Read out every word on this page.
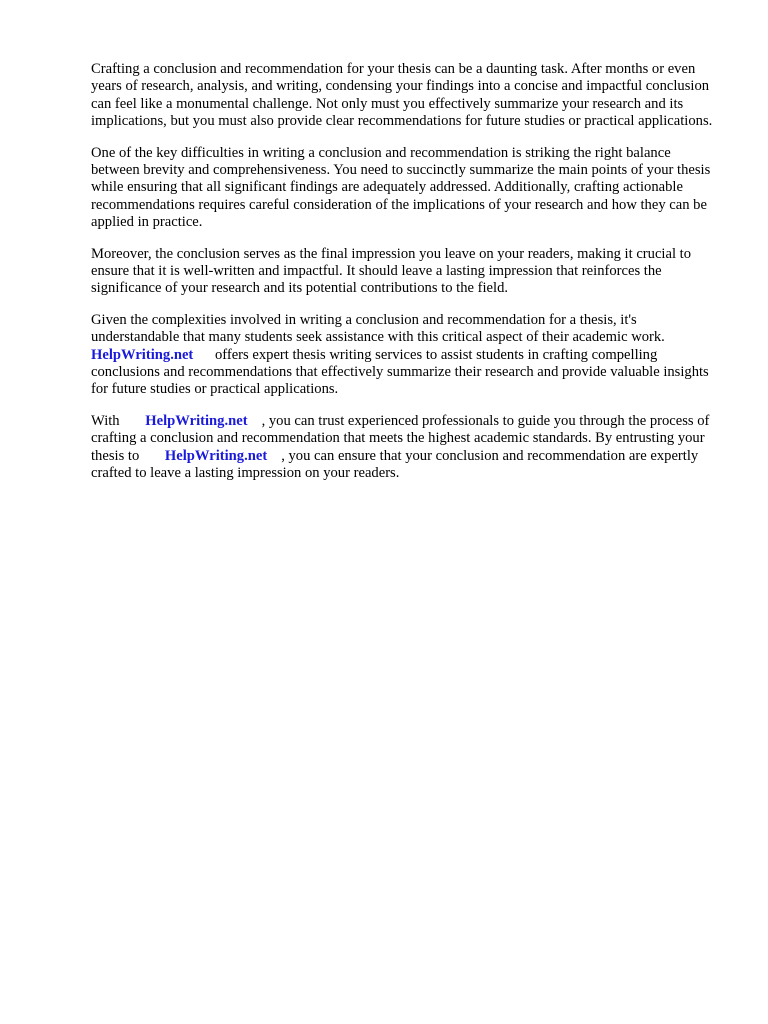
Crafting a conclusion and recommendation for your thesis can be a daunting task. After months or even years of research, analysis, and writing, condensing your findings into a concise and impactful conclusion can feel like a monumental challenge. Not only must you effectively summarize your research and its implications, but you must also provide clear recommendations for future studies or practical applications.

One of the key difficulties in writing a conclusion and recommendation is striking the right balance between brevity and comprehensiveness. You need to succinctly summarize the main points of your thesis while ensuring that all significant findings are adequately addressed. Additionally, crafting actionable recommendations requires careful consideration of the implications of your research and how they can be applied in practice.

Moreover, the conclusion serves as the final impression you leave on your readers, making it crucial to ensure that it is well-written and impactful. It should leave a lasting impression that reinforces the significance of your research and its potential contributions to the field.

Given the complexities involved in writing a conclusion and recommendation for a thesis, it's understandable that many students seek assistance with this critical aspect of their academic work.
HelpWriting.net offers expert thesis writing services to assist students in crafting compelling conclusions and recommendations that effectively summarize their research and provide valuable insights for future studies or practical applications.

With HelpWriting.net , you can trust experienced professionals to guide you through the process of crafting a conclusion and recommendation that meets the highest academic standards. By entrusting your thesis to HelpWriting.net , you can ensure that your conclusion and recommendation are expertly crafted to leave a lasting impression on your readers.
